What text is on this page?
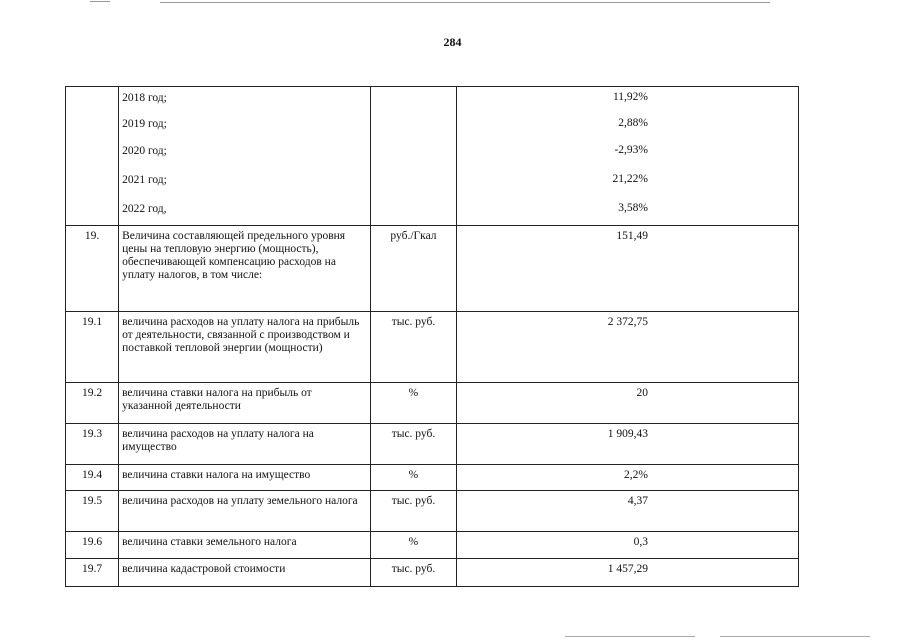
284

	2018 год;		11,92%

	2019 год;		2,88%

	2020 год;		-2,93%

	2021 год;		21,22%

	2022 год,		3,58%

19.	Величина составляющей предельного уровня цены на тепловую энергию (мощность), обеспечивающей компенсацию расходов на уплату налогов, в том числе:	руб./Гкал	151,49

19.1	величина расходов на уплату налога на прибыль от деятельности, связанной с производством и поставкой тепловой энергии (мощности)	тыс. руб.	2 372,75

19.2	величина ставки налога на прибыль от указанной деятельности	%	20

19.3	величина расходов на уплату налога на имущество	тыс. руб.	1 909,43

19.4	величина ставки налога на имущество	%	2,2%

19.5	величина расходов на уплату земельного налога	тыс. руб.	4,37

19.6	величина ставки земельного налога	%	0,3

19.7	величина кадастровой стоимости	тыс. руб.	1 457,29
